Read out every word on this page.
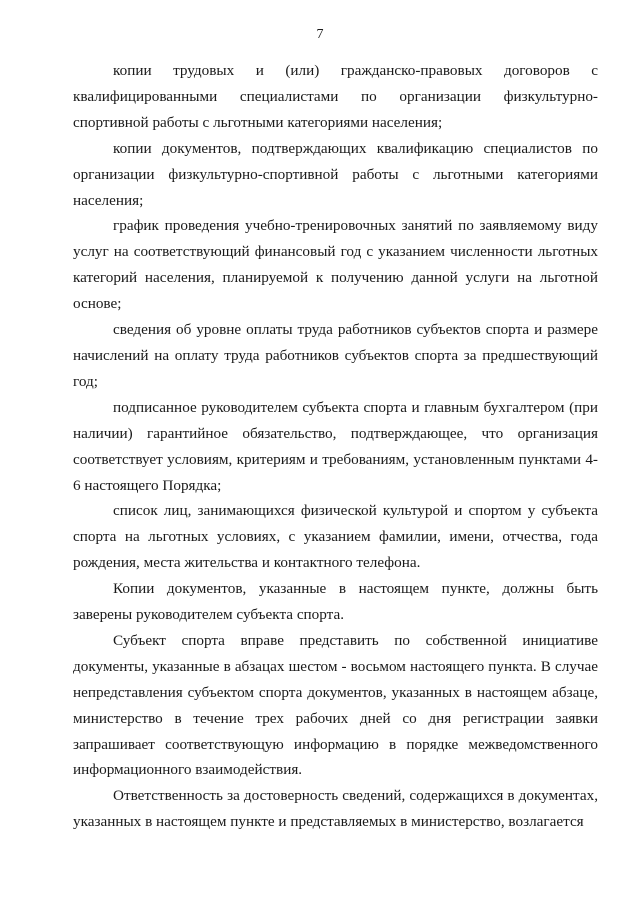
7

копии трудовых и (или) гражданско-правовых договоров с квалифицированными специалистами по организации физкультурно-спортивной работы с льготными категориями населения;

копии документов, подтверждающих квалификацию специалистов по организации физкультурно-спортивной работы с льготными категориями населения;

график проведения учебно-тренировочных занятий по заявляемому виду услуг на соответствующий финансовый год с указанием численности льготных категорий населения, планируемой к получению данной услуги на льготной основе;

сведения об уровне оплаты труда работников субъектов спорта и размере начислений на оплату труда работников субъектов спорта за предшествующий год;

подписанное руководителем субъекта спорта и главным бухгалтером (при наличии) гарантийное обязательство, подтверждающее, что организация соответствует условиям, критериям и требованиям, установленным пунктами 4-6 настоящего Порядка;

список лиц, занимающихся физической культурой и спортом у субъекта спорта на льготных условиях, с указанием фамилии, имени, отчества, года рождения, места жительства и контактного телефона.

Копии документов, указанные в настоящем пункте, должны быть заверены руководителем субъекта спорта.

Субъект спорта вправе представить по собственной инициативе документы, указанные в абзацах шестом - восьмом настоящего пункта. В случае непредставления субъектом спорта документов, указанных в настоящем абзаце, министерство в течение трех рабочих дней со дня регистрации заявки запрашивает соответствующую информацию в порядке межведомственного информационного взаимодействия.

Ответственность за достоверность сведений, содержащихся в документах, указанных в настоящем пункте и представляемых в министерство, возлагается
